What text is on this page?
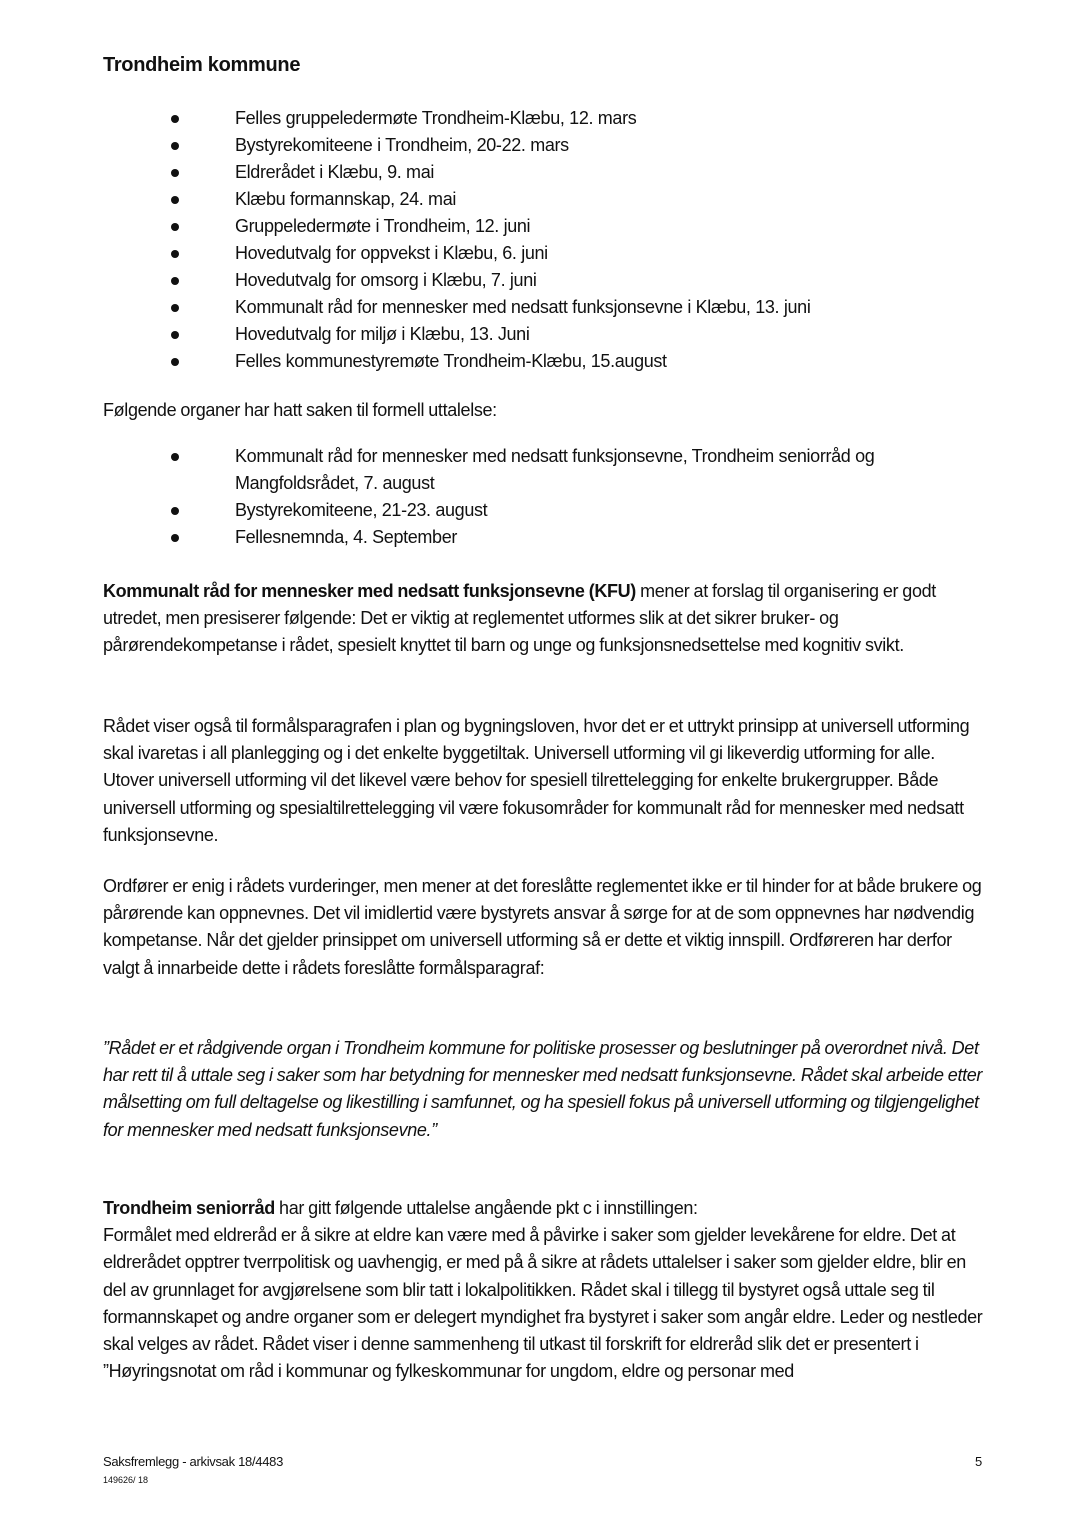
Trondheim kommune
Felles gruppeledermøte Trondheim-Klæbu, 12. mars
Bystyrekomiteene i Trondheim, 20-22. mars
Eldrerådet i Klæbu, 9. mai
Klæbu formannskap, 24. mai
Gruppeledermøte i Trondheim, 12. juni
Hovedutvalg for oppvekst i Klæbu, 6. juni
Hovedutvalg for omsorg i Klæbu, 7. juni
Kommunalt råd for mennesker med nedsatt funksjonsevne i Klæbu, 13. juni
Hovedutvalg for miljø i Klæbu, 13. Juni
Felles kommunestyremøte Trondheim-Klæbu, 15.august

Følgende organer har hatt saken til formell uttalelse:

Kommunalt råd for mennesker med nedsatt funksjonsevne, Trondheim seniorråd og Mangfoldsrådet, 7. august
Bystyrekomiteene, 21-23. august
Fellesnemnda, 4. September

Kommunalt råd for mennesker med nedsatt funksjonsevne (KFU) mener at forslag til organisering er godt utredet, men presiserer følgende: Det er viktig at reglementet utformes slik at det sikrer bruker- og pårørendekompetanse i rådet, spesielt knyttet til barn og unge og funksjonsnedsettelse med kognitiv svikt.

Rådet viser også til formålsparagrafen i plan og bygningsloven, hvor det er et uttrykt prinsipp at universell utforming skal ivaretas i all planlegging og i det enkelte byggetiltak. Universell utforming vil gi likeverdig utforming for alle. Utover universell utforming vil det likevel være behov for spesiell tilrettelegging for enkelte brukergrupper. Både universell utforming og spesialtilrettelegging vil være fokusområder for kommunalt råd for mennesker med nedsatt funksjonsevne.

Ordfører er enig i rådets vurderinger, men mener at det foreslåtte reglementet ikke er til hinder for at både brukere og pårørende kan oppnevnes. Det vil imidlertid være bystyrets ansvar å sørge for at de som oppnevnes har nødvendig kompetanse. Når det gjelder prinsippet om universell utforming så er dette et viktig innspill. Ordføreren har derfor valgt å innarbeide dette i rådets foreslåtte formålsparagraf:

”Rådet er et rådgivende organ i Trondheim kommune for politiske prosesser og beslutninger på overordnet nivå. Det har rett til å uttale seg i saker som har betydning for mennesker med nedsatt funksjonsevne. Rådet skal arbeide etter målsetting om full deltagelse og likestilling i samfunnet, og ha spesiell fokus på universell utforming og tilgjengelighet for mennesker med nedsatt funksjonsevne.”

Trondheim seniorråd har gitt følgende uttalelse angående pkt c i innstillingen:
Formålet med eldreråd er å sikre at eldre kan være med å påvirke i saker som gjelder levekårene for eldre. Det at eldrerådet opptrer tverrpolitisk og uavhengig, er med på å sikre at rådets uttalelser i saker som gjelder eldre, blir en del av grunnlaget for avgjørelsene som blir tatt i lokalpolitikken. Rådet skal i tillegg til bystyret også uttale seg til formannskapet og andre organer som er delegert myndighet fra bystyret i saker som angår eldre. Leder og nestleder skal velges av rådet. Rådet viser i denne sammenheng til utkast til forskrift for eldreråd slik det er presentert i ”Høyringsnotat om råd i kommunar og fylkeskommunar for ungdom, eldre og personar med

Saksfremlegg - arkivsak 18/4483
149626/ 18
5
